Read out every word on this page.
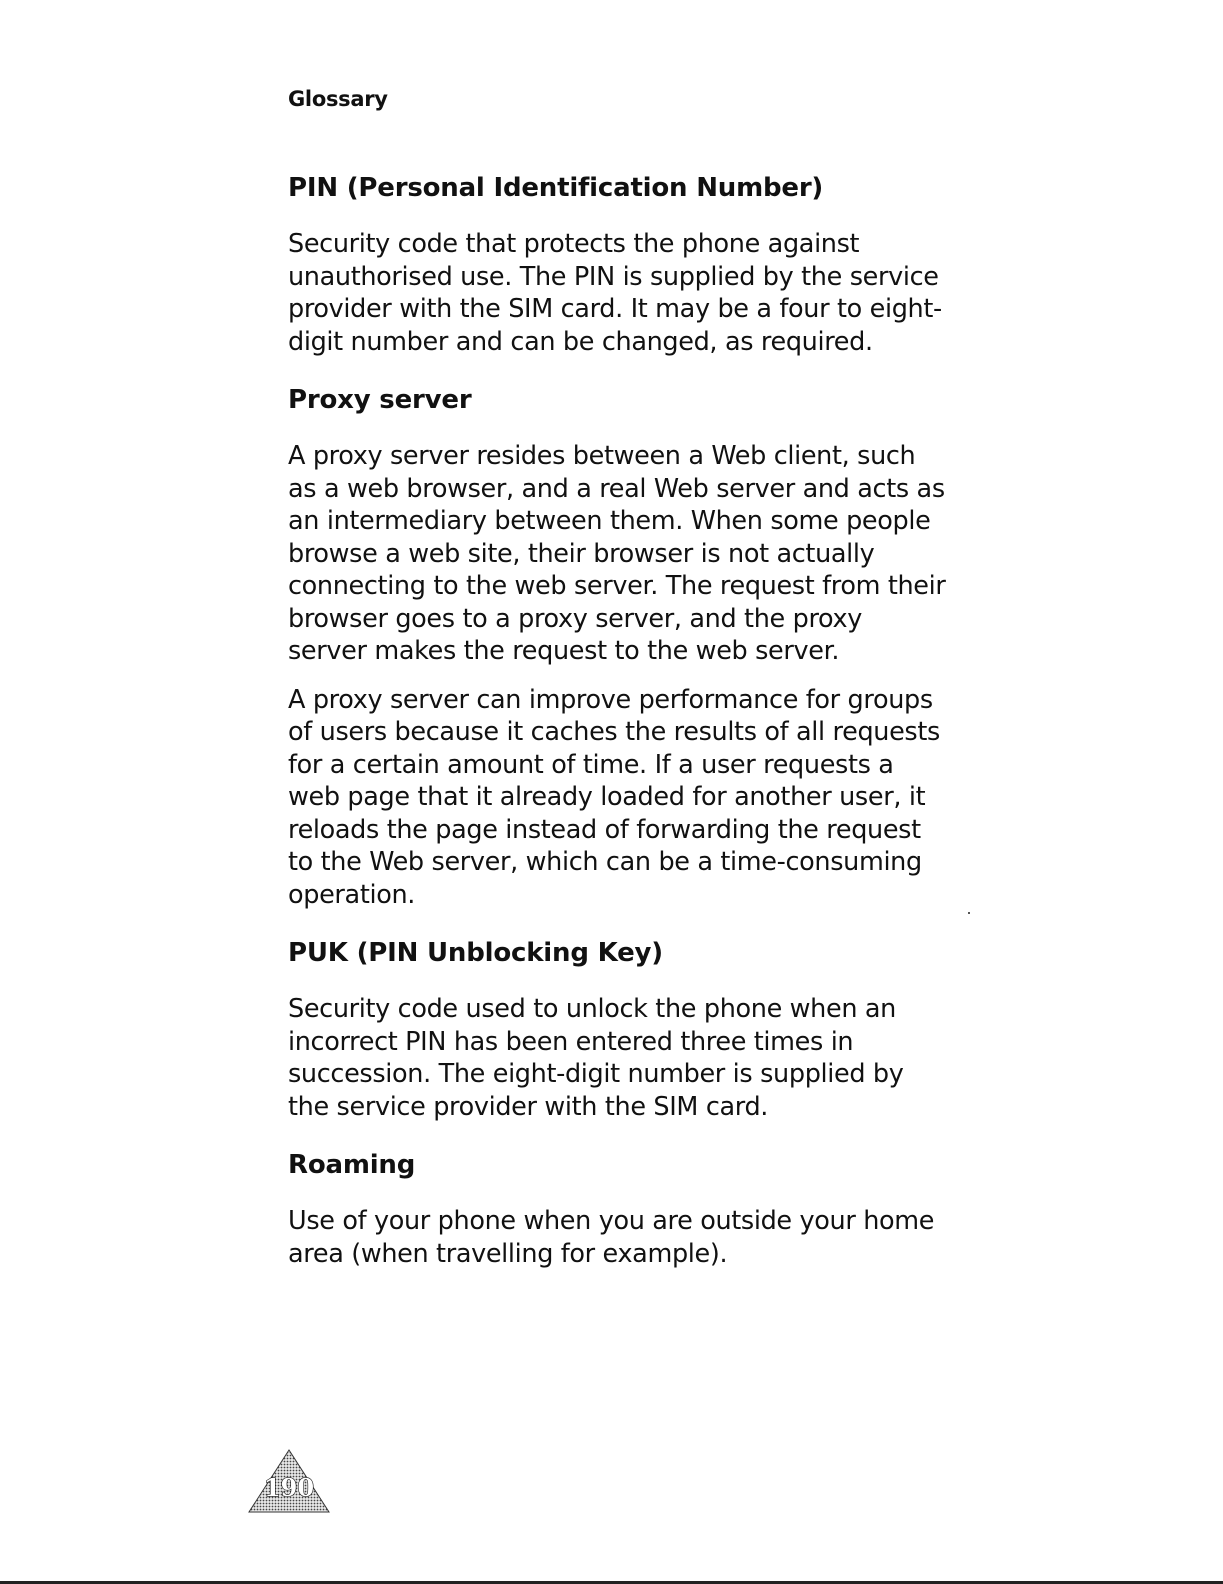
Glossary
PIN (Personal Identification Number)

Security code that protects the phone against unauthorised use. The PIN is supplied by the service provider with the SIM card. It may be a four to eight-digit number and can be changed, as required.

Proxy server

A proxy server resides between a Web client, such as a web browser, and a real Web server and acts as an intermediary between them. When some people browse a web site, their browser is not actually connecting to the web server. The request from their browser goes to a proxy server, and the proxy server makes the request to the web server.

A proxy server can improve performance for groups of users because it caches the results of all requests for a certain amount of time. If a user requests a web page that it already loaded for another user, it reloads the page instead of forwarding the request to the Web server, which can be a time-consuming operation.

PUK (PIN Unblocking Key)

Security code used to unlock the phone when an incorrect PIN has been entered three times in succession. The eight-digit number is supplied by the service provider with the SIM card.

Roaming

Use of your phone when you are outside your home area (when travelling for example).

190
